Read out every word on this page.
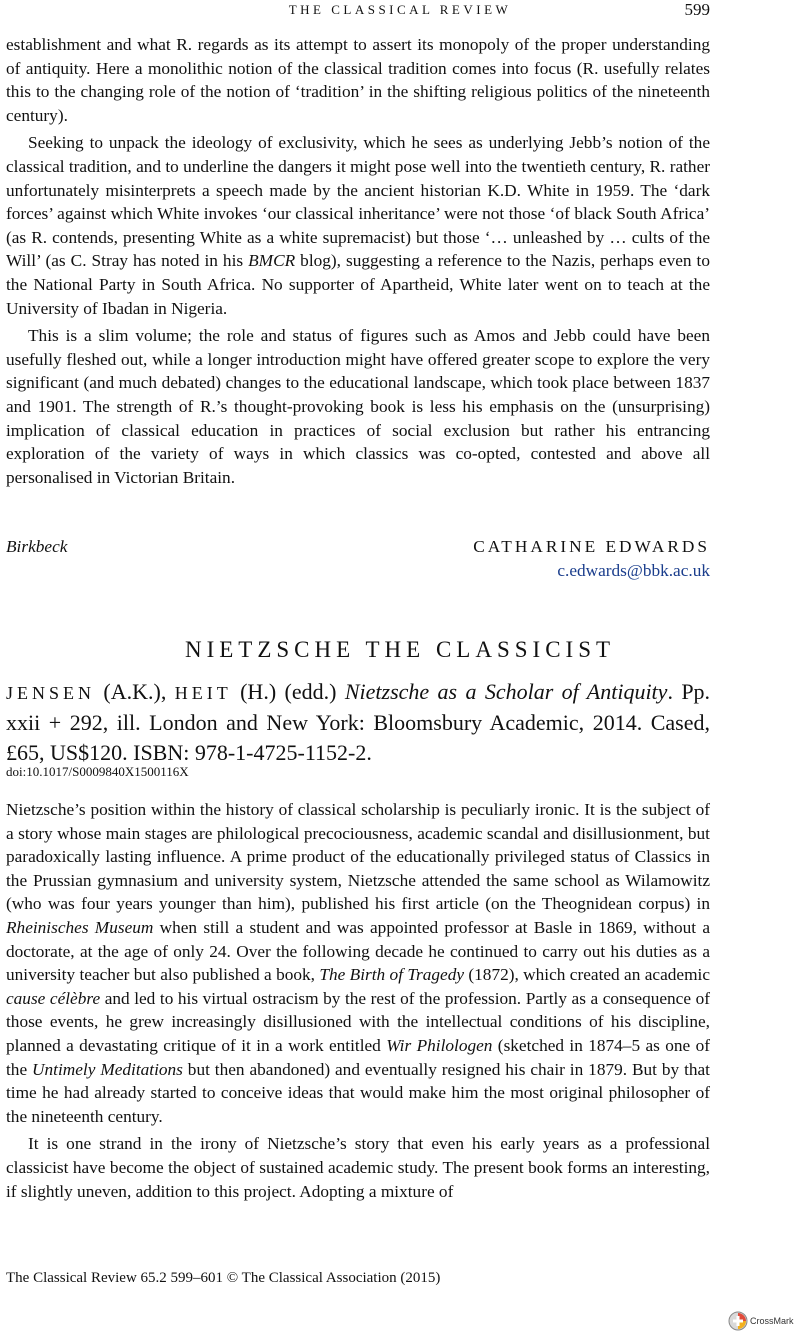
THE CLASSICAL REVIEW	599

establishment and what R. regards as its attempt to assert its monopoly of the proper understanding of antiquity. Here a monolithic notion of the classical tradition comes into focus (R. usefully relates this to the changing role of the notion of ‘tradition’ in the shifting religious politics of the nineteenth century).

Seeking to unpack the ideology of exclusivity, which he sees as underlying Jebb’s notion of the classical tradition, and to underline the dangers it might pose well into the twentieth century, R. rather unfortunately misinterprets a speech made by the ancient historian K.D. White in 1959. The ‘dark forces’ against which White invokes ‘our classical inheritance’ were not those ‘of black South Africa’ (as R. contends, presenting White as a white supremacist) but those ‘… unleashed by … cults of the Will’ (as C. Stray has noted in his BMCR blog), suggesting a reference to the Nazis, perhaps even to the National Party in South Africa. No supporter of Apartheid, White later went on to teach at the University of Ibadan in Nigeria.

This is a slim volume; the role and status of figures such as Amos and Jebb could have been usefully fleshed out, while a longer introduction might have offered greater scope to explore the very significant (and much debated) changes to the educational landscape, which took place between 1837 and 1901. The strength of R.’s thought-provoking book is less his emphasis on the (unsurprising) implication of classical education in practices of social exclusion but rather his entrancing exploration of the variety of ways in which classics was co-opted, contested and above all personalised in Victorian Britain.

Birkbeck	CATHARINE EDWARDS
c.edwards@bbk.ac.uk
NIETZSCHE THE CLASSICIST
JENSEN (A.K.), HEIT (H.) (edd.) Nietzsche as a Scholar of Antiquity. Pp. xxii + 292, ill. London and New York: Bloomsbury Academic, 2014. Cased, £65, US$120. ISBN: 978-1-4725-1152-2.
doi:10.1017/S0009840X1500116X

Nietzsche’s position within the history of classical scholarship is peculiarly ironic. It is the subject of a story whose main stages are philological precociousness, academic scandal and disillusionment, but paradoxically lasting influence. A prime product of the educationally privileged status of Classics in the Prussian gymnasium and university system, Nietzsche attended the same school as Wilamowitz (who was four years younger than him), published his first article (on the Theognidean corpus) in Rheinisches Museum when still a student and was appointed professor at Basle in 1869, without a doctorate, at the age of only 24. Over the following decade he continued to carry out his duties as a university teacher but also published a book, The Birth of Tragedy (1872), which created an academic cause célèbre and led to his virtual ostracism by the rest of the profession. Partly as a consequence of those events, he grew increasingly disillusioned with the intellectual conditions of his discipline, planned a devastating critique of it in a work entitled Wir Philologen (sketched in 1874–5 as one of the Untimely Meditations but then abandoned) and eventually resigned his chair in 1879. But by that time he had already started to conceive ideas that would make him the most original philosopher of the nineteenth century.

It is one strand in the irony of Nietzsche’s story that even his early years as a professional classicist have become the object of sustained academic study. The present book forms an interesting, if slightly uneven, addition to this project. Adopting a mixture of

The Classical Review 65.2 599–601 © The Classical Association (2015)
CrossMark
